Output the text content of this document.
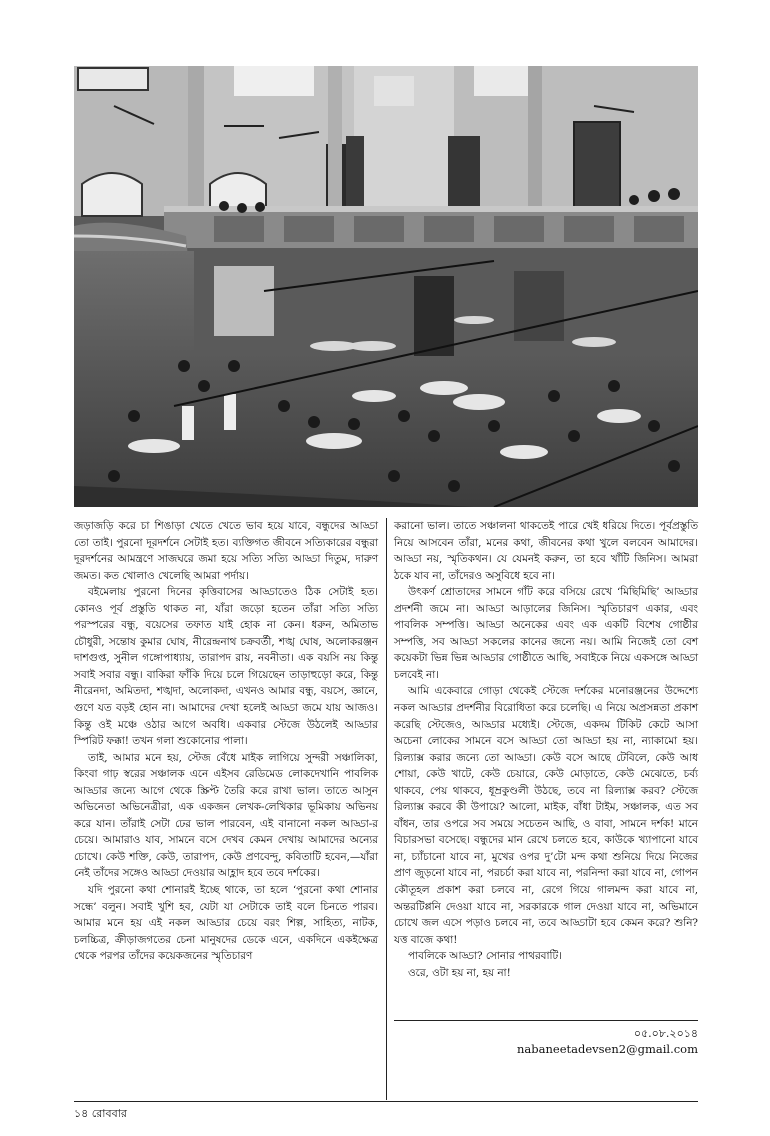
জড়াজড়ি করে চা শিঙাড়া খেতে খেতে ভাব হয়ে যাবে, বন্ধুদের আড্ডা তো তাই। পুরনো দূরদর্শনে সেটাই হত। ব্যক্তিগত জীবনে সত্যিকারের বন্ধুরা দূরদর্শনের আমন্ত্রণে সাজঘরে জমা হয়ে সত্যি সত্যি আড্ডা দিতুম, দারুণ জমত। কত খোলাও খেলেছি আমরা পর্দায়।

বইমেলায় পুরনো দিনের কৃত্তিবাসের আড্ডাতেও ঠিক সেটাই হত। কোনও পূর্ব প্রস্তুতি থাকত না, যাঁরা জড়ো হতেন তাঁরা সত্যি সত্যি পরস্পরের বন্ধু, বয়েসের তফাত যাই হোক না কেন। ধরুন, অমিতাভ চৌধুরী, সন্তোষ কুমার ঘোষ, নীরেন্দ্রনাথ চক্রবর্তী, শঙ্খ ঘোষ, অলোকরঞ্জন দাশগুপ্ত, সুনীল গঙ্গোপাধ্যায়, তারাপদ রায়, নবনীতা। এক বয়সি নয় কিন্তু সবাই সবার বন্ধু। বাকিরা ফাঁকি দিয়ে চলে গিয়েছেন তাড়াহুড়ো করে, কিন্তু নীরেনদা, অমিতদা, শঙ্খদা, অলোকদা, এখনও আমার বন্ধু, বয়সে, জ্ঞানে, গুণে যত বড়ই হোন না। আমাদের দেখা হলেই আড্ডা জমে যায় আজও। কিন্তু ওই মঞ্চে ওঠার আগে অবধি। একবার স্টেজে উঠলেই আড্ডার স্পিরিট ফক্কা! তখন গলা শুকোনোর পালা।

তাই, আমার মনে হয়, স্টেজ বেঁধে মাইক লাগিয়ে সুন্দরী সঞ্চালিকা, কিংবা গাঢ় স্বরের সঞ্চালক এনে এইসব রেডিমেড লোকদেখানি পাবলিক আড্ডার জন্যে আগে থেকে স্ক্রিপ্ট তৈরি করে রাখা ভাল। তাতে আসুন অভিনেতা অভিনেত্রীরা, এক একজন লেখক-লেখিকার ভূমিকায় অভিনয় করে যান। তাঁরাই সেটা ঢের ভাল পারবেন, এই বানানো নকল আড্ডা-র চেয়ে। আমারাও যাব, সামনে বসে দেখব কেমন দেখায় আমাদের অন্যের চোখে। কেউ শক্তি, কেউ, তারাপদ, কেউ প্রণবেন্দু, কবিতাটি হবেন,—যাঁরা নেই তাঁদের সঙ্গেও আড্ডা দেওয়ার আহ্লাদ হবে তবে দর্শকের।

যদি পুরনো কথা শোনারই ইচ্ছে থাকে, তা হলে ‘পুরনো কথা শোনার সন্ধে’ বলুন। সবাই খুশি হব, যেটা যা সেটাকে তাই বলে চিনতে পারব। আমার মনে হয় এই নকল আড্ডার চেয়ে বরং শিল্প, সাহিত্য, নাটক, চলচ্চিত্র, ক্রীড়াজগতের চেনা মানুষদের ডেকে এনে, একদিনে একইক্ষেত্র থেকে পরপর তাঁদের কয়েকজনের স্মৃতিচারণ

করানো ভাল। তাতে সঞ্চালনা থাকতেই পারে খেই ধরিয়ে দিতে। পূর্বপ্রস্তুতি নিয়ে আসবেন তাঁরা, মনের কথা, জীবনের কথা খুলে বলবেন আমাদের। আড্ডা নয়, স্মৃতিকথন। যে যেমনই করুন, তা হবে খাঁটি জিনিস। আমরা ঠকে যাব না, তাঁদেরও অসুবিধে হবে না।

উৎকর্ণ শ্রোতাদের সামনে গাঁট করে বসিয়ে রেখে ‘মিছিমিছি’ আড্ডার প্রদর্শনী জমে না। আড্ডা আড়ালের জিনিস। স্মৃতিচারণ একার, এবং পাবলিক সম্পত্তি। আড্ডা অনেকের এবং এক একটি বিশেষ গোষ্ঠীর সম্পত্তি, সব আড্ডা সকলের কানের জন্যে নয়। আমি নিজেই তো বেশ কয়েকটা ভিন্ন ভিন্ন আড্ডার গোষ্ঠীতে আছি, সবাইকে নিয়ে একসঙ্গে আড্ডা চলবেই না।

আমি একেবারে গোড়া থেকেই স্টেজে দর্শকের মনোরঞ্জনের উদ্দেশ্যে নকল আড্ডার প্রদর্শনীর বিরোধিতা করে চলেছি। এ নিয়ে অপ্রসন্নতা প্রকাশ করেছি স্টেজেও, আড্ডার মধ্যেই। স্টেজে, একদম টিকিট কেটে আসা অচেনা লোকের সামনে বসে আড্ডা তো আড্ডা হয় না, ন্যাকামো হয়। রিল্যাক্স করার জন্যে তো আড্ডা। কেউ বসে আছে টেবিলে, কেউ আধ শোয়া, কেউ খাটে, কেউ চেয়ারে, কেউ মোড়াতে, কেউ মেঝেতে, চর্ব্য থাকবে, পেয় থাকবে, ধূম্রকুণ্ডলী উঠছে, তবে না রিল্যাক্স করব? স্টেজে রিল্যাক্স করবে কী উপায়ে? আলো, মাইক, বাঁধা টাইম, সঞ্চালক, এত সব বাঁধন, তার ওপরে সব সময়ে সচেতন আছি, ও বাবা, সামনে দর্শক! মানে বিচারসভা বসেছে। বন্ধুদের মান রেখে চলতে হবে, কাউকে খ্যাপানো যাবে না, চ্যাঁচানো যাবে না, মুখের ওপর দু’টো মন্দ কথা শুনিয়ে দিয়ে নিজের প্রাণ জুড়নো যাবে না, পরচর্চা করা যাবে না, পরনিন্দা করা যাবে না, গোপন কৌতূহল প্রকাশ করা চলবে না, রেগে গিয়ে গালমন্দ করা যাবে না, অন্তরটিপ্পনি দেওয়া যাবে না, সরকারকে গাল দেওয়া যাবে না, অভিমানে চোখে জল এসে পড়াও চলবে না, তবে আড্ডাটা হবে কেমন করে? শুনি? যত্ত বাজে কথা!

পাবলিকে আড্ডা? সোনার পাথরবাটি।

ওরে, ওটা হয় না, হয় না!

০৫.০৮.২০১৪
nabaneetadevsen2@gmail.com
১৪ রোববার
